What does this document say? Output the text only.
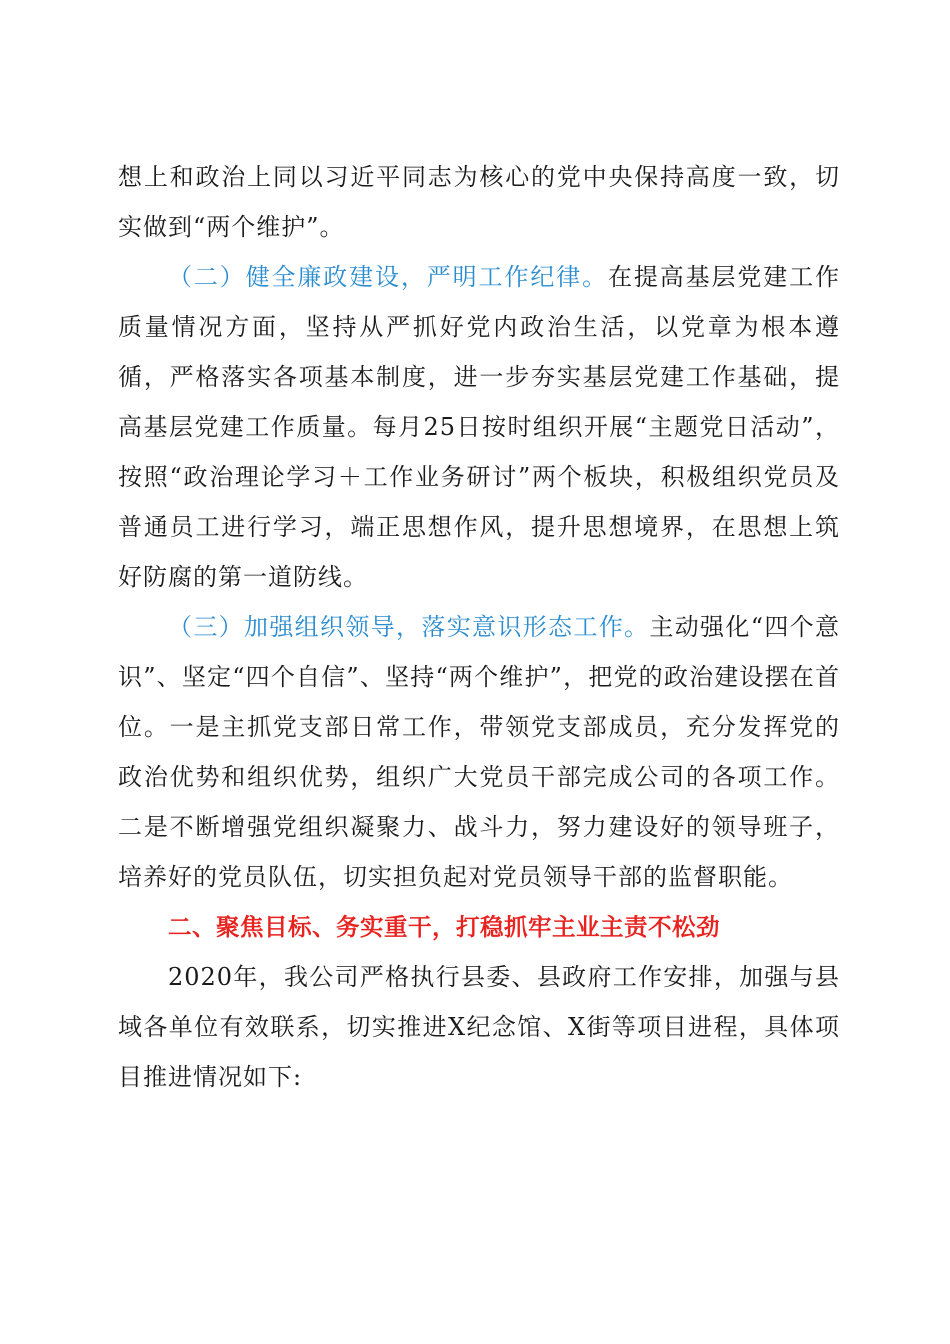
想上和政治上同以习近平同志为核心的党中央保持高度一致，切实做到“两个维护”。

（二）健全廉政建设，严明工作纪律。在提高基层党建工作质量情况方面，坚持从严抓好党内政治生活，以党章为根本遵循，严格落实各项基本制度，进一步夯实基层党建工作基础，提高基层党建工作质量。每月25日按时组织开展“主题党日活动”，按照“政治理论学习＋工作业务研讨”两个板块，积极组织党员及普通员工进行学习，端正思想作风，提升思想境界，在思想上筑好防腐的第一道防线。

（三）加强组织领导，落实意识形态工作。主动强化“四个意识”、坚定“四个自信”、坚持“两个维护”，把党的政治建设摆在首位。一是主抓党支部日常工作，带领党支部成员，充分发挥党的政治优势和组织优势，组织广大党员干部完成公司的各项工作。二是不断增强党组织凝聚力、战斗力，努力建设好的领导班子，培养好的党员队伍，切实担负起对党员领导干部的监督职能。

二、聚焦目标、务实重干，打稳抓牢主业主责不松劲

2020年，我公司严格执行县委、县政府工作安排，加强与县域各单位有效联系，切实推进X纪念馆、X街等项目进程，具体项目推进情况如下:
